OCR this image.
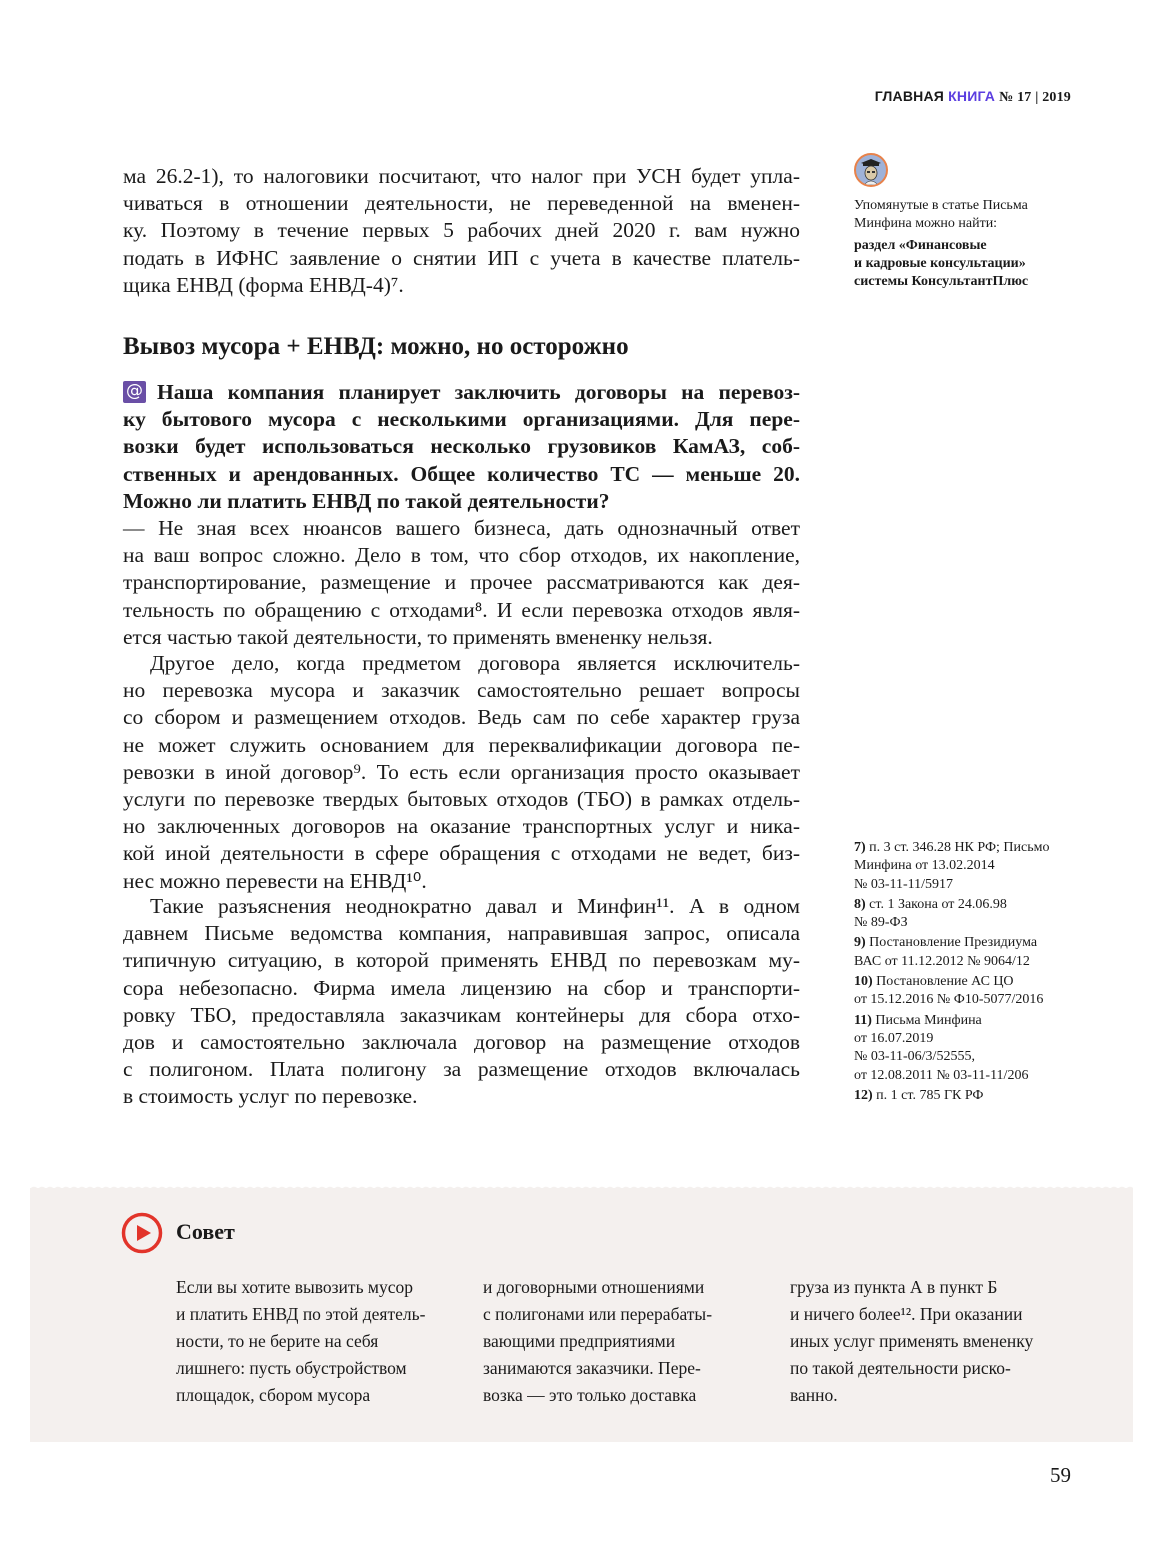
ГЛАВНАЯ КНИГА № 17 | 2019
ма 26.2-1), то налоговики посчитают, что налог при УСН будет упла-
чиваться в отношении деятельности, не переведенной на вменен-
ку. Поэтому в течение первых 5 рабочих дней 2020 г. вам нужно
подать в ИФНС заявление о снятии ИП с учета в качестве платель-
щика ЕНВД (форма ЕНВД-4)⁷.
Вывоз мусора + ЕНВД: можно, но осторожно
@ Наша компания планирует заключить договоры на перевоз-
ку бытового мусора с несколькими организациями. Для пере-
возки будет использоваться несколько грузовиков КамАЗ, соб-
ственных и арендованных. Общее количество ТС — меньше 20.
Можно ли платить ЕНВД по такой деятельности?
— Не зная всех нюансов вашего бизнеса, дать однозначный ответ
на ваш вопрос сложно. Дело в том, что сбор отходов, их накопление,
транспортирование, размещение и прочее рассматриваются как дея-
тельность по обращению с отходами⁸. И если перевозка отходов явля-
ется частью такой деятельности, то применять вмененку нельзя.
Другое дело, когда предметом договора является исключитель-
но перевозка мусора и заказчик самостоятельно решает вопросы
со сбором и размещением отходов. Ведь сам по себе характер груза
не может служить основанием для переквалификации договора пе-
ревозки в иной договор⁹. То есть если организация просто оказывает
услуги по перевозке твердых бытовых отходов (ТБО) в рамках отдель-
но заключенных договоров на оказание транспортных услуг и ника-
кой иной деятельности в сфере обращения с отходами не ведет, биз-
нес можно перевести на ЕНВД¹⁰.
Такие разъяснения неоднократно давал и Минфин¹¹. А в одном
давнем Письме ведомства компания, направившая запрос, описала
типичную ситуацию, в которой применять ЕНВД по перевозкам му-
сора небезопасно. Фирма имела лицензию на сбор и транспорти-
ровку ТБО, предоставляла заказчикам контейнеры для сбора отхо-
дов и самостоятельно заключала договор на размещение отходов
с полигоном. Плата полигону за размещение отходов включалась
в стоимость услуг по перевозке.
Упомянутые в статье Письма
Минфина можно найти:
раздел «Финансовые
и кадровые консультации»
системы КонсультантПлюс
7) п. 3 ст. 346.28 НК РФ; Письмо
Минфина от 13.02.2014
№ 03-11-11/5917
8) ст. 1 Закона от 24.06.98
№ 89-ФЗ
9) Постановление Президиума
ВАС от 11.12.2012 № 9064/12
10) Постановление АС ЦО
от 15.12.2016 № Ф10-5077/2016
11) Письма Минфина
от 16.07.2019
№ 03-11-06/3/52555,
от 12.08.2011 № 03-11-11/206
12) п. 1 ст. 785 ГК РФ
Совет
Если вы хотите вывозить мусор
и платить ЕНВД по этой деятель-
ности, то не берите на себя
лишнего: пусть обустройством
площадок, сбором мусора
и договорными отношениями
с полигонами или перерабаты-
вающими предприятиями
занимаются заказчики. Пере-
возка — это только доставка
груза из пункта А в пункт Б
и ничего более¹². При оказании
иных услуг применять вмененку
по такой деятельности риско-
ванно.
59
